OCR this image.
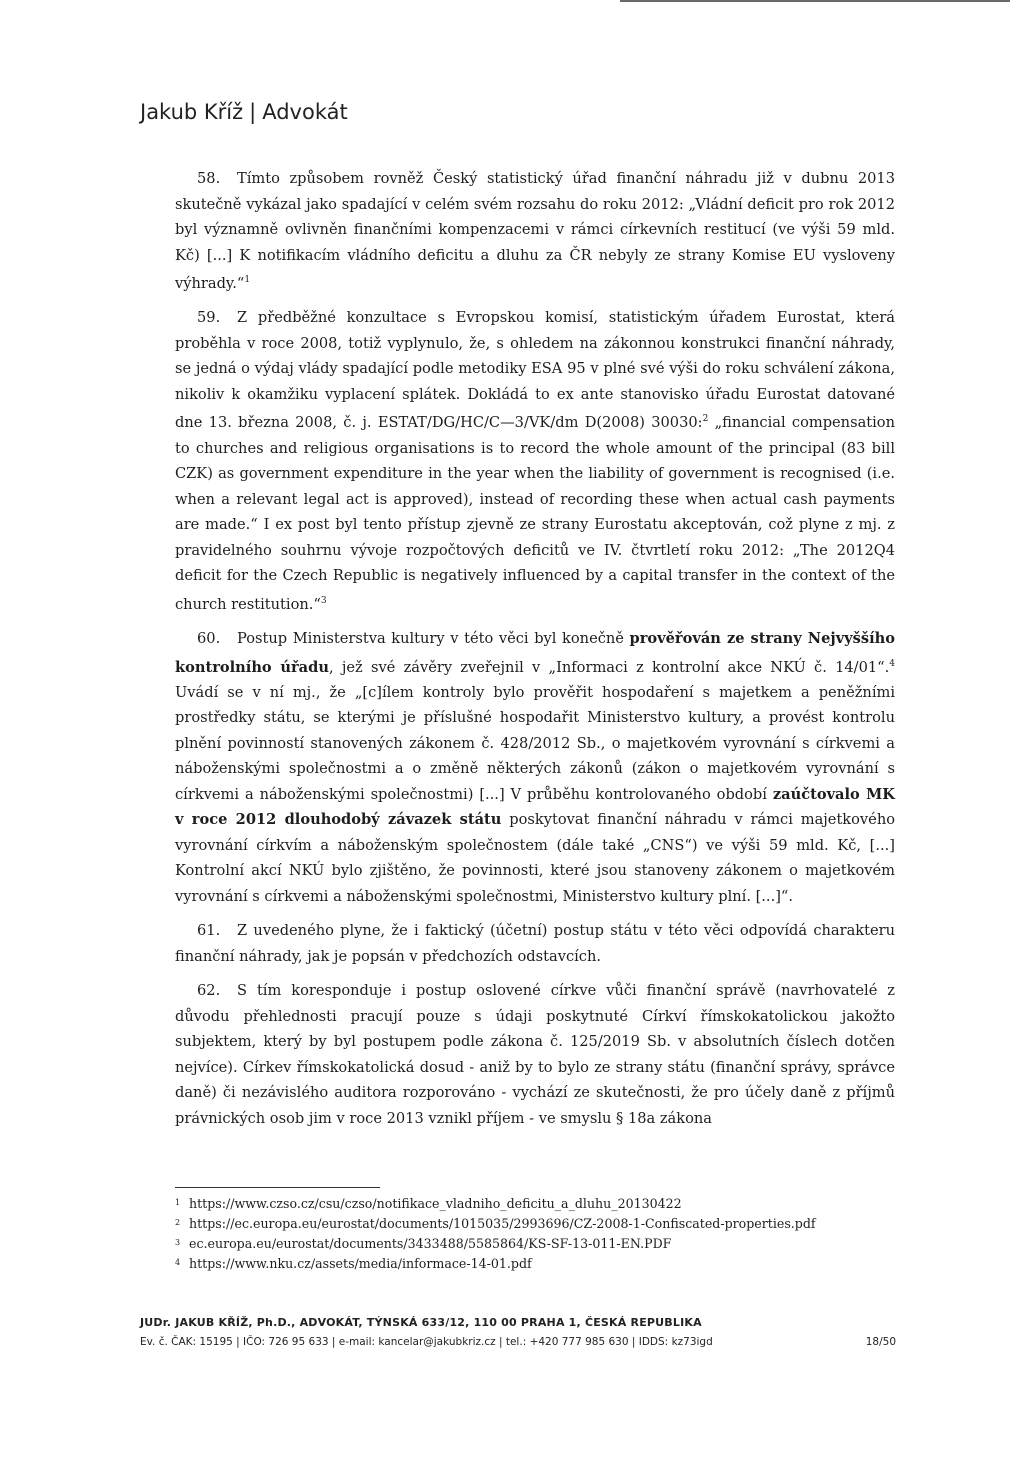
Jakub Kříž | Advokát
58. Tímto způsobem rovněž Český statistický úřad finanční náhradu již v dubnu 2013 skutečně vykázal jako spadající v celém svém rozsahu do roku 2012: „Vládní deficit pro rok 2012 byl významně ovlivněn finančními kompenzacemi v rámci církevních restitucí (ve výši 59 mld. Kč) [...] K notifikacím vládního deficitu a dluhu za ČR nebyly ze strany Komise EU vysloveny výhrady.“$^1$
59. Z předběžné konzultace s Evropskou komisí, statistickým úřadem Eurostat, která proběhla v roce 2008, totiž vyplynulo, že, s ohledem na zákonnou konstrukci finanční náhrady, se jedná o výdaj vlády spadající podle metodiky ESA 95 v plné své výši do roku schválení zákona, nikoliv k okamžiku vyplacení splátek. Dokládá to ex ante stanovisko úřadu Eurostat datované dne 13. března 2008, č. j. ESTAT/DG/HC/C—3/VK/dm D(2008) 30030:$^2$ „financial compensation to churches and religious organisations is to record the whole amount of the principal (83 bill CZK) as government expenditure in the year when the liability of government is recognised (i.e. when a relevant legal act is approved), instead of recording these when actual cash payments are made.“ I ex post byl tento přístup zjevně ze strany Eurostatu akceptován, což plyne z mj. z pravidelného souhrnu vývoje rozpočtových deficitů ve IV. čtvrtletí roku 2012: „The 2012Q4 deficit for the Czech Republic is negatively influenced by a capital transfer in the context of the church restitution.“$^3$
60. Postup Ministerstva kultury v této věci byl konečně prověřován ze strany Nejvyššího kontrolního úřadu, jež své závěry zveřejnil v „Informaci z kontrolní akce NKÚ č. 14/01“.$^4$ Uvádí se v ní mj., že „[c]ílem kontroly bylo prověřit hospodaření s majetkem a peněžními prostředky státu, se kterými je příslušné hospodařit Ministerstvo kultury, a provést kontrolu plnění povinností stanovených zákonem č. 428/2012 Sb., o majetkovém vyrovnání s církvemi a náboženskými společnostmi a o změně některých zákonů (zákon o majetkovém vyrovnání s církvemi a náboženskými společnostmi) [...] V průběhu kontrolovaného období zaúčtovalo MK v roce 2012 dlouhodobý závazek státu poskytovat finanční náhradu v rámci majetkového vyrovnání církvím a náboženským společnostem (dále také „CNS“) ve výši 59 mld. Kč, [...] Kontrolní akcí NKÚ bylo zjištěno, že povinnosti, které jsou stanoveny zákonem o majetkovém vyrovnání s církvemi a náboženskými společnostmi, Ministerstvo kultury plní. [...]“.
61. Z uvedeného plyne, že i faktický (účetní) postup státu v této věci odpovídá charakteru finanční náhrady, jak je popsán v předchozích odstavcích.
62. S tím koresponduje i postup oslovené církve vůči finanční správě (navrhovatelé z důvodu přehlednosti pracují pouze s údaji poskytnuté Církví římskokatolickou jakožto subjektem, který by byl postupem podle zákona č. 125/2019 Sb. v absolutních číslech dotčen nejvíce). Církev římskokatolická dosud - aniž by to bylo ze strany státu (finanční správy, správce daně) či nezávislého auditora rozporováno - vychází ze skutečnosti, že pro účely daně z příjmů právnických osob jim v roce 2013 vznikl příjem - ve smyslu § 18a zákona
JUDr. JAKUB KŘÍŽ, Ph.D., ADVOKÁT, TÝNSKÁ 633/12, 110 00 PRAHA 1, ČESKÁ REPUBLIKA
Ev. č. ČAK: 15195 | IČO: 726 95 633 | e-mail: kancelar@jakubkriz.cz | tel.: +420 777 985 630 | IDDS: kz73igd	18/50
1 https://www.czso.cz/csu/czso/notifikace_vladniho_deficitu_a_dluhu_20130422
2 https://ec.europa.eu/eurostat/documents/1015035/2993696/CZ-2008-1-Confiscated-properties.pdf
3 ec.europa.eu/eurostat/documents/3433488/5585864/KS-SF-13-011-EN.PDF
4 https://www.nku.cz/assets/media/informace-14-01.pdf
